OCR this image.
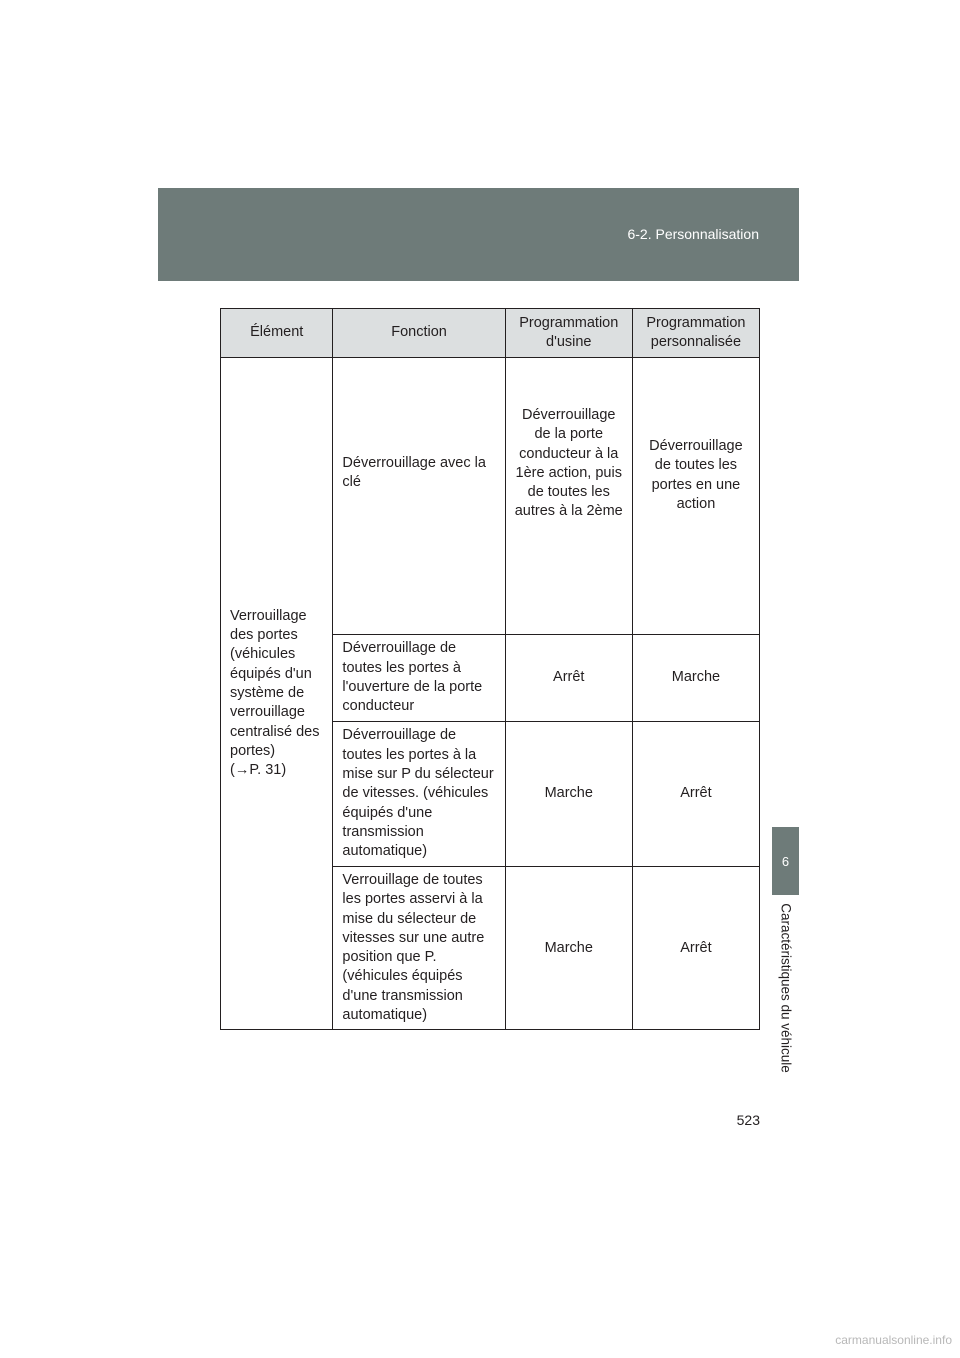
6-2. Personnalisation
Élément	Fonction	Programmation d'usine	Programmation personnalisée
Verrouillage des portes (véhicules équipés d'un système de verrouillage centralisé des portes)
(→P. 31)	Déverrouillage avec la clé	Déverrouillage de la porte conducteur à la 1ère action, puis de toutes les autres à la 2ème	Déverrouillage de toutes les portes en une action
	Déverrouillage de toutes les portes à l'ouverture de la porte conducteur	Arrêt	Marche
	Déverrouillage de toutes les portes à la mise sur P du sélecteur de vitesses. (véhicules équipés d'une transmission automatique)	Marche	Arrêt
	Verrouillage de toutes les portes asservi à la mise du sélecteur de vitesses sur une autre position que P. (véhicules équipés d'une transmission automatique)	Marche	Arrêt
6
Caractéristiques du véhicule
523
carmanualsonline.info
